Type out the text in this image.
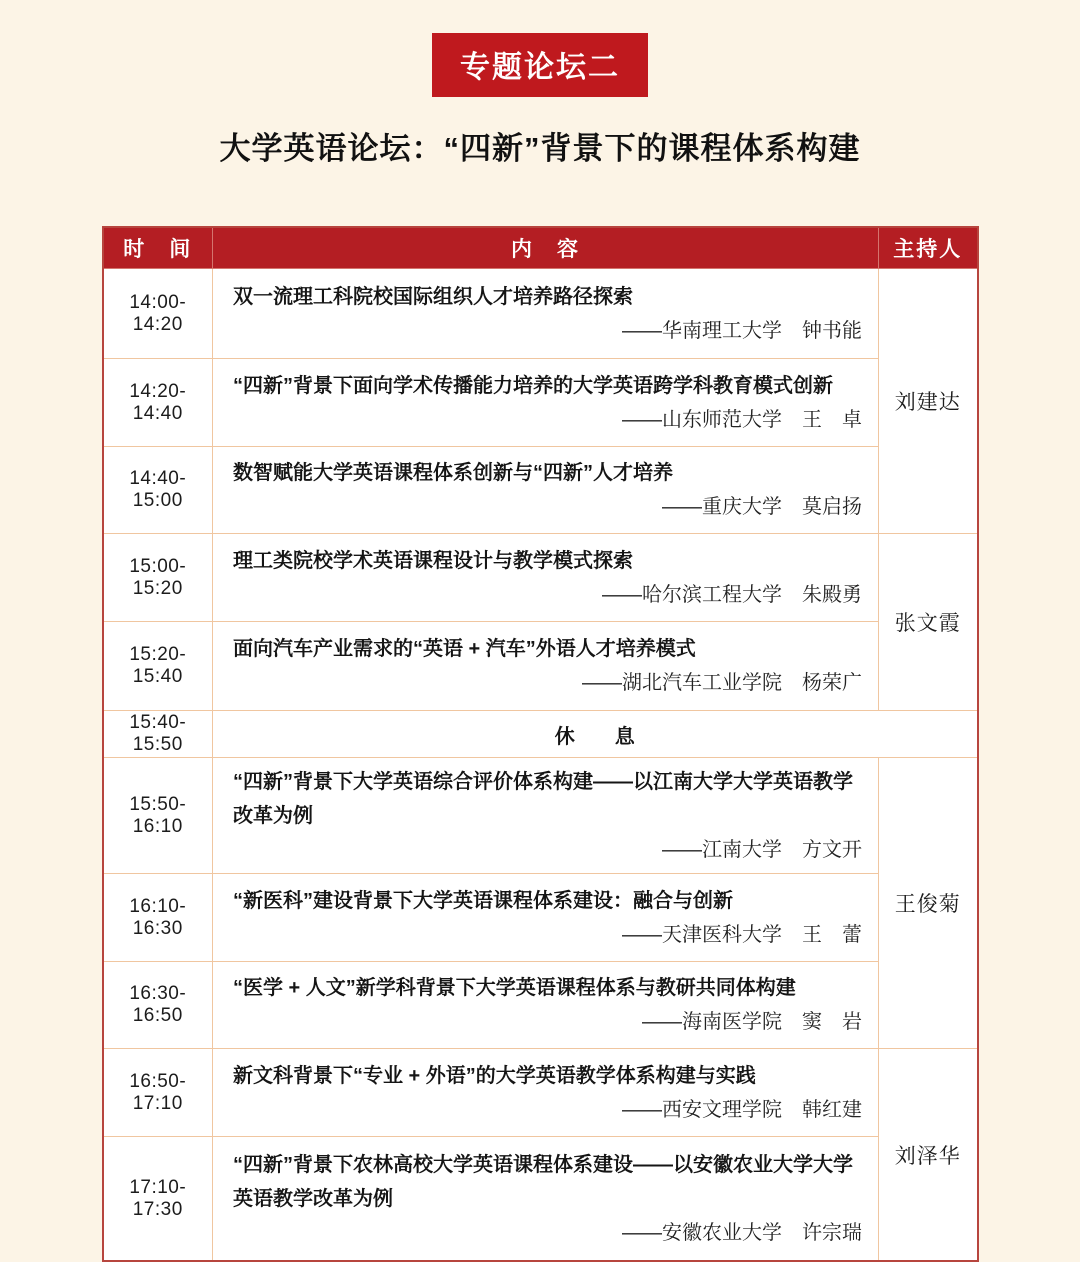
专题论坛二
大学英语论坛：“四新”背景下的课程体系构建
时　间	内　容	主持人
14:00-14:20	双一流理工科院校国际组织人才培养路径探索
——华南理工大学　钟书能	刘建达
14:20-14:40	“四新”背景下面向学术传播能力培养的大学英语跨学科教育模式创新
——山东师范大学　王　卓	

14:40-15:00	数智赋能大学英语课程体系创新与“四新”人才培养
——重庆大学　莫启扬	

15:00-15:20	理工类院校学术英语课程设计与教学模式探索
——哈尔滨工程大学　朱殿勇	张文霞
15:20-15:40	面向汽车产业需求的“英语 + 汽车”外语人才培养模式
——湖北汽车工业学院　杨荣广	

15:40-15:50	休　　息	
15:50-16:10	“四新”背景下大学英语综合评价体系构建——以江南大学大学英语教学改革为例
——江南大学　方文开	王俊菊
16:10-16:30	“新医科”建设背景下大学英语课程体系建设：融合与创新
——天津医科大学　王　蕾	

16:30-16:50	“医学 + 人文”新学科背景下大学英语课程体系与教研共同体构建
——海南医学院　窦　岩	

16:50-17:10	新文科背景下“专业 + 外语”的大学英语教学体系构建与实践
——西安文理学院　韩红建	刘泽华
17:10-17:30	“四新”背景下农林高校大学英语课程体系建设——以安徽农业大学大学英语教学改革为例
——安徽农业大学　许宗瑞	
